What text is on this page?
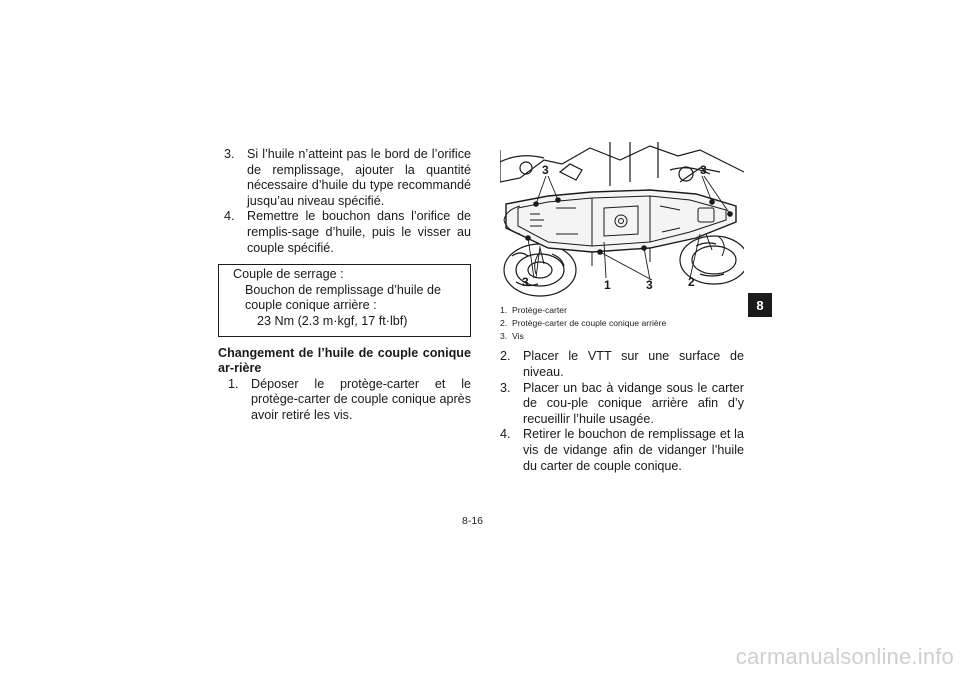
3. Si l’huile n’atteint pas le bord de l’orifice de remplissage, ajouter la quantité nécessaire d’huile du type recommandé jusqu’au niveau spécifié.
4. Remettre le bouchon dans l’orifice de remplis-sage d’huile, puis le visser au couple spécifié.
Couple de serrage :
Bouchon de remplissage d’huile de couple conique arrière :
23 Nm (2.3 m·kgf, 17 ft·lbf)
Changement de l’huile de couple conique ar-rière
1. Déposer le protège-carter et le protège-carter de couple conique après avoir retiré les vis.
3	3
3	1	3	2
1. Protège-carter
2. Protège-carter de couple conique arrière
3. Vis
2. Placer le VTT sur une surface de niveau.
3. Placer un bac à vidange sous le carter de cou-ple conique arrière afin d’y recueillir l’huile usagée.
4. Retirer le bouchon de remplissage et la vis de vidange afin de vidanger l’huile du carter de couple conique.
8
8-16
carmanualsonline.info
